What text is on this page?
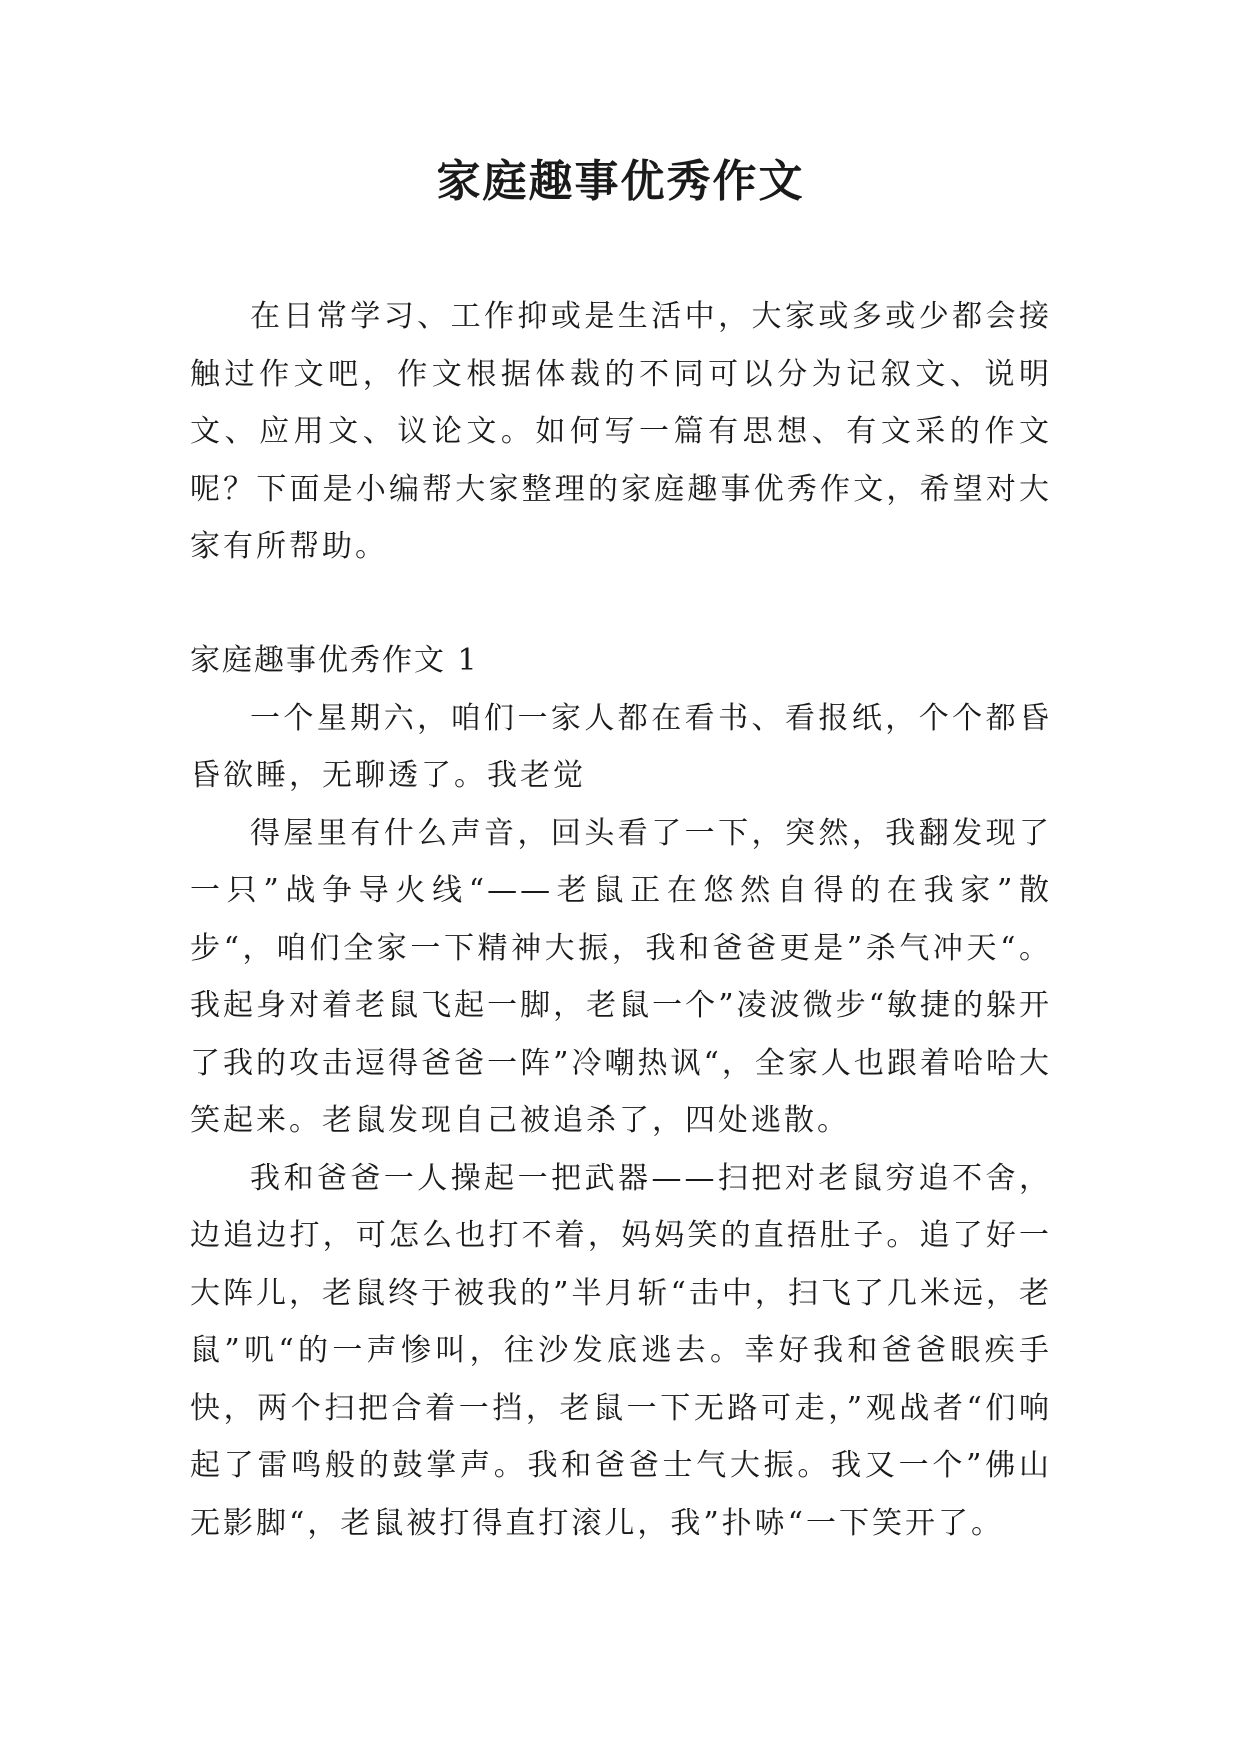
家庭趣事优秀作文

在日常学习、工作抑或是生活中，大家或多或少都会接触过作文吧，作文根据体裁的不同可以分为记叙文、说明文、应用文、议论文。如何写一篇有思想、有文采的作文呢？下面是小编帮大家整理的家庭趣事优秀作文，希望对大家有所帮助。

家庭趣事优秀作文 1

一个星期六，咱们一家人都在看书、看报纸，个个都昏昏欲睡，无聊透了。我老觉

得屋里有什么声音，回头看了一下，突然，我翻发现了一只”战争导火线“——老鼠正在悠然自得的在我家”散步“，咱们全家一下精神大振，我和爸爸更是”杀气冲天“。我起身对着老鼠飞起一脚，老鼠一个”凌波微步“敏捷的躲开了我的攻击逗得爸爸一阵”冷嘲热讽“，全家人也跟着哈哈大笑起来。老鼠发现自己被追杀了，四处逃散。

我和爸爸一人操起一把武器——扫把对老鼠穷追不舍，边追边打，可怎么也打不着，妈妈笑的直捂肚子。追了好一大阵儿，老鼠终于被我的”半月斩“击中，扫飞了几米远，老鼠”叽“的一声惨叫，往沙发底逃去。幸好我和爸爸眼疾手快，两个扫把合着一挡，老鼠一下无路可走，”观战者“们响起了雷鸣般的鼓掌声。我和爸爸士气大振。我又一个”佛山无影脚“，老鼠被打得直打滚儿，我”扑哧“一下笑开了。
